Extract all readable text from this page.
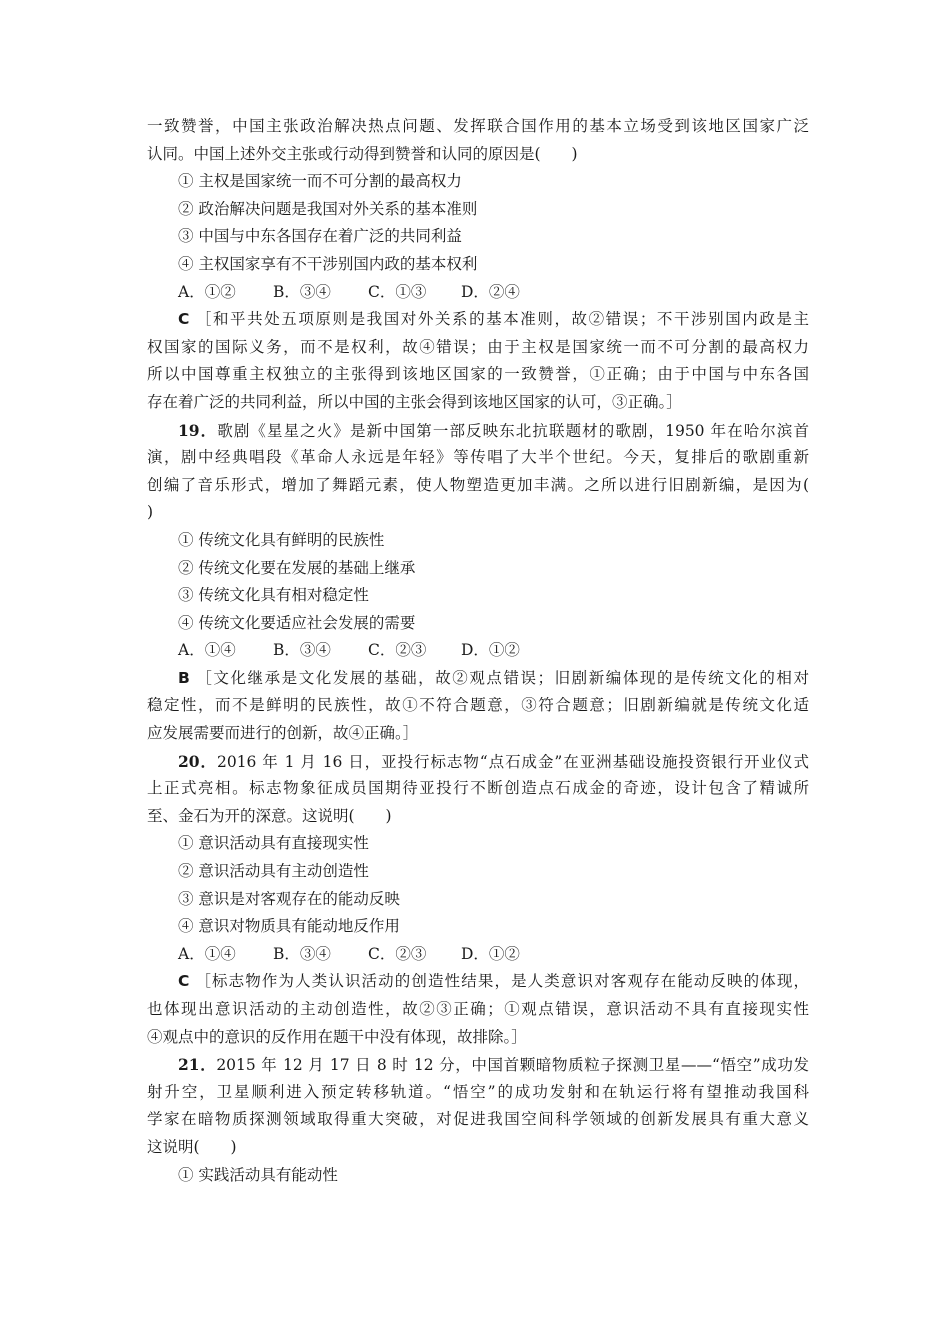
一致赞誉，中国主张政治解决热点问题、发挥联合国作用的基本立场受到该地区国家广泛
认同。中国上述外交主张或行动得到赞誉和认同的原因是(　　)
① 主权是国家统一而不可分割的最高权力
② 政治解决问题是我国对外关系的基本准则
③ 中国与中东各国存在着广泛的共同利益
④ 主权国家享有不干涉别国内政的基本权利
A．①② B．③④ C．①③ D．②④
C ［和平共处五项原则是我国对外关系的基本准则，故②错误；不干涉别国内政是主
权国家的国际义务，而不是权利，故④错误；由于主权是国家统一而不可分割的最高权力
所以中国尊重主权独立的主张得到该地区国家的一致赞誉，①正确；由于中国与中东各国
存在着广泛的共同利益，所以中国的主张会得到该地区国家的认可，③正确。］
19．歌剧《星星之火》是新中国第一部反映东北抗联题材的歌剧，1950 年在哈尔滨首
演，剧中经典唱段《革命人永远是年轻》等传唱了大半个世纪。今天，复排后的歌剧重新
创编了音乐形式，增加了舞蹈元素，使人物塑造更加丰满。之所以进行旧剧新编，是因为(
)
① 传统文化具有鲜明的民族性
② 传统文化要在发展的基础上继承
③ 传统文化具有相对稳定性
④ 传统文化要适应社会发展的需要
A．①④ B．③④ C．②③ D．①②
B ［文化继承是文化发展的基础，故②观点错误；旧剧新编体现的是传统文化的相对
稳定性，而不是鲜明的民族性，故①不符合题意，③符合题意；旧剧新编就是传统文化适
应发展需要而进行的创新，故④正确。］
20．2016 年 1 月 16 日，亚投行标志物“点石成金”在亚洲基础设施投资银行开业仪式
上正式亮相。标志物象征成员国期待亚投行不断创造点石成金的奇迹，设计包含了精诚所
至、金石为开的深意。这说明(　　)
① 意识活动具有直接现实性
② 意识活动具有主动创造性
③ 意识是对客观存在的能动反映
④ 意识对物质具有能动地反作用
A．①④ B．③④ C．②③ D．①②
C ［标志物作为人类认识活动的创造性结果，是人类意识对客观存在能动反映的体现，
也体现出意识活动的主动创造性，故②③正确；①观点错误，意识活动不具有直接现实性
④观点中的意识的反作用在题干中没有体现，故排除。］
21．2015 年 12 月 17 日 8 时 12 分，中国首颗暗物质粒子探测卫星——“悟空”成功发
射升空，卫星顺利进入预定转移轨道。“悟空”的成功发射和在轨运行将有望推动我国科
学家在暗物质探测领域取得重大突破，对促进我国空间科学领域的创新发展具有重大意义
这说明(　　)
① 实践活动具有能动性
